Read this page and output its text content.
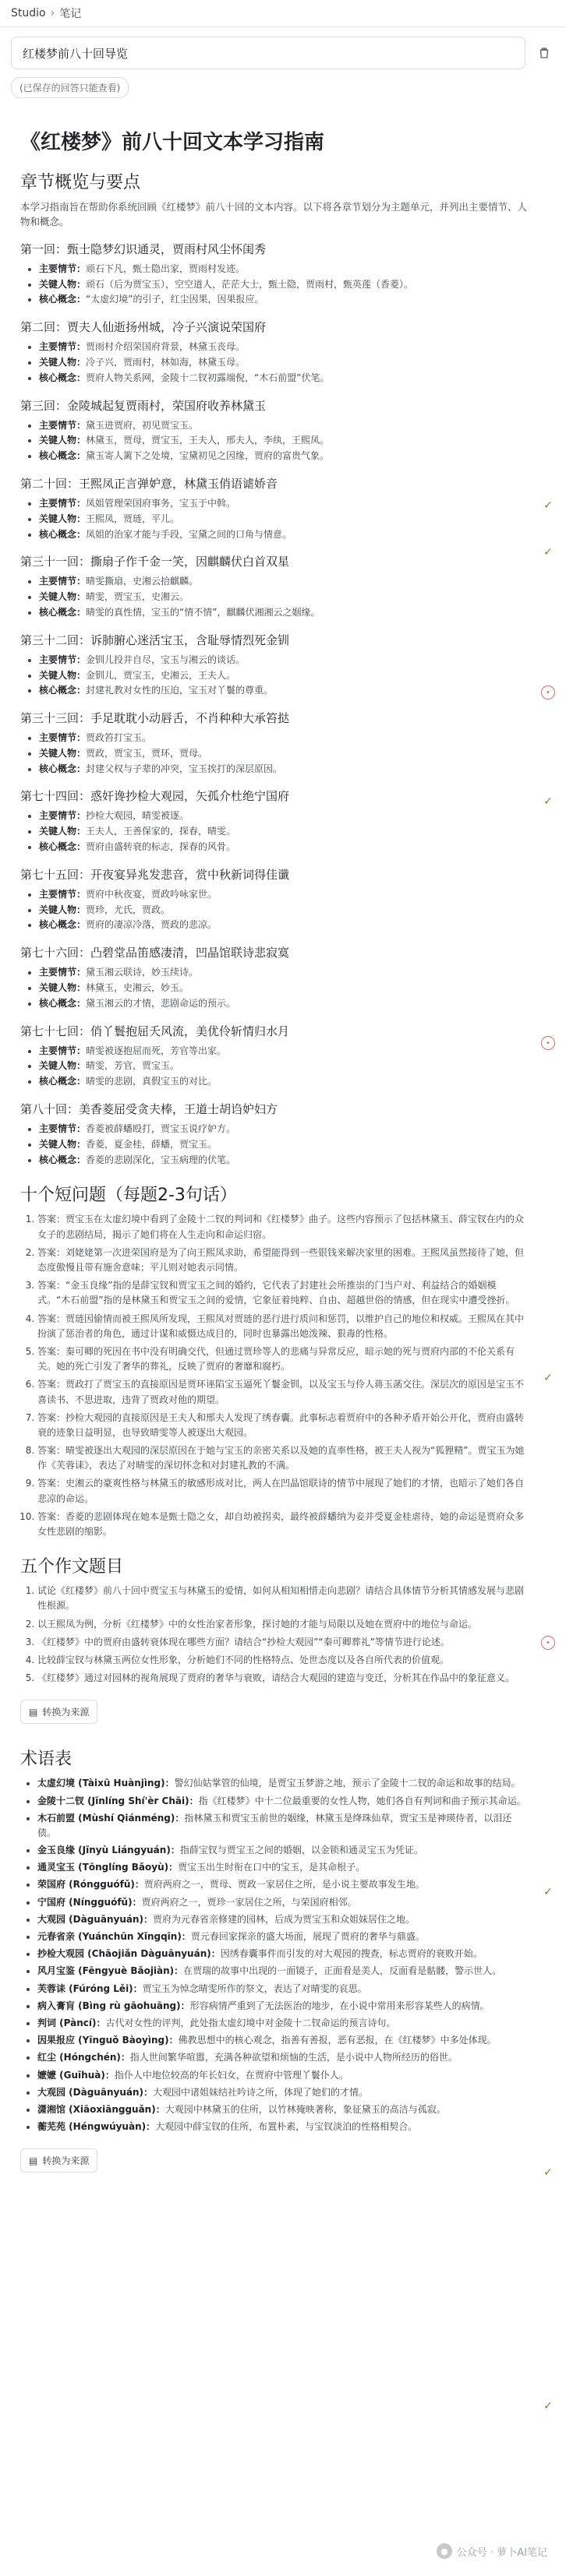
Studio › 笔记
红楼梦前八十回导览
(已保存的回答只能查看)
《红楼梦》前八十回文本学习指南
章节概览与要点

本学习指南旨在帮助你系统回顾《红楼梦》前八十回的文本内容。以下将各章节划分为主题单元，并列出主要情节、人物和概念。

第一回：甄士隐梦幻识通灵，贾雨村风尘怀闺秀
• 主要情节：顽石下凡，甄士隐出家，贾雨村发迹。
• 关键人物：顽石（后为贾宝玉），空空道人，茫茫大士，甄士隐，贾雨村，甄英莲（香菱）。
• 核心概念：“太虚幻境”的引子，红尘因果，因果报应。
第二回：贾夫人仙逝扬州城，冷子兴演说荣国府
• 主要情节：贾雨村介绍荣国府背景，林黛玉丧母。
• 关键人物：冷子兴，贾雨村，林如海，林黛玉母。
• 核心概念：贾府人物关系网，金陵十二钗初露端倪，“木石前盟”伏笔。
第三回：金陵城起复贾雨村，荣国府收养林黛玉
• 主要情节：黛玉进贾府，初见贾宝玉。
• 关键人物：林黛玉，贾母，贾宝玉，王夫人，邢夫人，李纨，王熙凤。
• 核心概念：黛玉寄人篱下之处境，宝黛初见之因缘，贾府的富贵气象。
第二十回：王熙凤正言弹妒意，林黛玉俏语谑娇音
• 主要情节：凤姐管理荣国府事务，宝玉于中斡。
• 关键人物：王熙凤，贾琏，平儿。
• 核心概念：凤姐的治家才能与手段，宝黛之间的口角与情意。
第三十一回：撕扇子作千金一笑，因麒麟伏白首双星
• 主要情节：晴雯撕扇，史湘云拾麒麟。
• 关键人物：晴雯，贾宝玉，史湘云。
• 核心概念：晴雯的真性情，宝玉的“情不情”，麒麟伏湘湘云之姻缘。
第三十二回：诉肺腑心迷活宝玉，含耻辱情烈死金钏
• 主要情节：金钏儿投井自尽，宝玉与湘云的谈话。
• 关键人物：金钏儿，贾宝玉，史湘云，王夫人。
• 核心概念：封建礼教对女性的压迫，宝玉对丫鬟的尊重。
第三十三回：手足耽耽小动唇舌，不肖种种大承笞挞
• 主要情节：贾政笞打宝玉。
• 关键人物：贾政，贾宝玉，贾环，贾母。
• 核心概念：封建父权与子辈的冲突，宝玉挨打的深层原因。
第七十四回：惑奸谗抄检大观园，矢孤介杜绝宁国府
• 主要情节：抄检大观园，晴雯被逐。
• 关键人物：王夫人，王善保家的，探春，晴雯。
• 核心概念：贾府由盛转衰的标志，探春的风骨。
第七十五回：开夜宴异兆发悲音，赏中秋新词得佳谶
• 主要情节：贾府中秋夜宴，贾政吟咏家世。
• 关键人物：贾珍，尤氏，贾政。
• 核心概念：贾府的凄凉冷落，贾政的悲凉。
第七十六回：凸碧堂品笛感凄清，凹晶馆联诗悲寂寞
• 主要情节：黛玉湘云联诗，妙玉续诗。
• 关键人物：林黛玉，史湘云，妙玉。
• 核心概念：黛玉湘云的才情，悲剧命运的预示。
第七十七回：俏丫鬟抱屈夭风流，美优伶斩情归水月
• 主要情节：晴雯被逐抱屈而死，芳官等出家。
• 关键人物：晴雯，芳官，贾宝玉。
• 核心概念：晴雯的悲剧，真假宝玉的对比。
第八十回：美香菱屈受贪夫棒，王道士胡诌妒妇方
• 主要情节：香菱被薛蟠殴打，贾宝玉说疗妒方。
• 关键人物：香菱，夏金桂，薛蟠，贾宝玉。
• 核心概念：香菱的悲剧深化，宝玉病理的伏笔。
十个短问题（每题2-3句话）
1. 答案：贾宝玉在太虚幻境中看到了金陵十二钗的判词和《红楼梦》曲子。这些内容预示了包括林黛玉、薛宝钗在内的众女子的悲剧结局，揭示了她们将在人生走向和命运归宿。
2. 答案：刘姥姥第一次进荣国府是为了向王熙凤求助，希望能得到一些银钱来解决家里的困难。王熙凤虽然接待了她，但态度傲慢且带有施舍意味；平儿则对她表示同情。
3. 答案：“金玉良缘”指的是薛宝钗和贾宝玉之间的婚约，它代表了封建社会所推崇的门当户对、利益结合的婚姻模式。“木石前盟”指的是林黛玉和贾宝玉之间的爱情，它象征着纯粹、自由、超越世俗的情感，但在现实中遭受挫折。
4. 答案：贾琏因偷情而被王熙凤所发现，王熙凤对贾琏的恶行进行质问和惩罚，以维护自己的地位和权威。王熙凤在其中扮演了惩治者的角色，通过计谋和威慑达成目的，同时也暴露出她泼辣、狠毒的性格。
5. 答案：秦可卿的死因在书中没有明确交代，但通过贾珍等人的悲痛与异常反应，暗示她的死与贾府内部的不伦关系有关。她的死亡引发了奢华的葬礼，反映了贾府的奢靡和腐朽。
6. 答案：贾政打了贾宝玉的直接原因是贾环诬陷宝玉逼死丫鬟金钏，以及宝玉与伶人蒋玉菡交往。深层次的原因是宝玉不喜读书、不思进取，违背了贾政对他的期望。
7. 答案：抄检大观园的直接原因是王夫人和邢夫人发现了绣春囊。此事标志着贾府中的各种矛盾开始公开化，贾府由盛转衰的迹象日益明显，也导致晴雯等人被逐出大观园。
8. 答案：晴雯被逐出大观园的深层原因在于她与宝玉的亲密关系以及她的直率性格，被王夫人视为“狐狸精”。贾宝玉为她作《芙蓉诔》，表达了对晴雯的深切怀念和对封建礼教的不满。
9. 答案：史湘云的豪爽性格与林黛玉的敏感形成对比，两人在凹晶馆联诗的情节中展现了她们的才情，也暗示了她们各自悲凉的命运。
10. 答案：香菱的悲剧体现在她本是甄士隐之女，却自幼被拐卖，最终被薛蟠纳为妾并受夏金桂虐待，她的命运是贾府众多女性悲剧的缩影。
五个作文题目
1. 试论《红楼梦》前八十回中贾宝玉与林黛玉的爱情，如何从相知相惜走向悲剧？请结合具体情节分析其情感发展与悲剧性根源。
2. 以王熙凤为例，分析《红楼梦》中的女性治家者形象，探讨她的才能与局限以及她在贾府中的地位与命运。
3. 《红楼梦》中的贾府由盛转衰体现在哪些方面？请结合“抄检大观园”“秦可卿葬礼”等情节进行论述。
4. 比较薛宝钗与林黛玉两位女性形象，分析她们不同的性格特点、处世态度以及各自所代表的价值观。
5. 《红楼梦》通过对园林的视角展现了贾府的奢华与衰败，请结合大观园的建造与变迁，分析其在作品中的象征意义。
▤ 转换为来源
术语表
• 太虚幻境 (Tàixū Huànjìng)：警幻仙姑掌管的仙境，是贾宝玉梦游之地，预示了金陵十二钗的命运和故事的结局。
• 金陵十二钗 (Jīnlíng Shí'èr Chāi)：指《红楼梦》中十二位最重要的女性人物，她们各自有判词和曲子预示其命运。
• 木石前盟 (Mùshí Qiánméng)：指林黛玉和贾宝玉前世的姻缘，林黛玉是绛珠仙草，贾宝玉是神瑛侍者，以泪还债。
• 金玉良缘 (Jīnyù Liángyuán)：指薛宝钗与贾宝玉之间的婚姻，以金锁和通灵宝玉为凭证。
• 通灵宝玉 (Tōnglíng Bǎoyù)：贾宝玉出生时衔在口中的宝玉，是其命根子。
• 荣国府 (Róngguófǔ)：贾府两府之一，贾母、贾政一家居住之所，是小说主要故事发生地。
• 宁国府 (Níngguófǔ)：贾府两府之一，贾珍一家居住之所，与荣国府相邻。
• 大观园 (Dàguānyuán)：贾府为元春省亲修建的园林，后成为贾宝玉和众姐妹居住之地。
• 元春省亲 (Yuánchūn Xǐngqīn)：贾元春回家探亲的盛大场面，展现了贾府的奢华与鼎盛。
• 抄检大观园 (Chāojiǎn Dàguānyuán)：因绣春囊事件而引发的对大观园的搜查，标志贾府的衰败开始。
• 风月宝鉴 (Fēngyuè Bǎojiàn)：在贾瑞的故事中出现的一面镜子，正面看是美人，反面看是骷髅，警示世人。
• 芙蓉诔 (Fúróng Lěi)：贾宝玉为悼念晴雯所作的祭文，表达了对晴雯的哀思。
• 病入膏肓 (Bìng rù gāohuāng)：形容病情严重到了无法医治的地步，在小说中常用来形容某些人的病情。
• 判词 (Pàncí)：古代对女性的评判，此处指太虚幻境中对金陵十二钗命运的预言诗句。
• 因果报应 (Yīnguǒ Bàoyìng)：佛教思想中的核心观念，指善有善报，恶有恶报，在《红楼梦》中多处体现。
• 红尘 (Hóngchén)：指人世间繁华喧嚣，充满各种欲望和烦恼的生活，是小说中人物所经历的俗世。
• 嬷嬷 (Guīhuà)：指仆人中地位较高的年长妇女，在贾府中管理丫鬟仆人。
• 大观园 (Dàguānyuán)：大观园中诸姐妹结社吟诗之所，体现了她们的才情。
• 潇湘馆 (Xiāoxiāngguǎn)：大观园中林黛玉的住所，以竹林掩映著称，象征黛玉的高洁与孤寂。
• 蘅芜苑 (Héngwúyuàn)：大观园中薛宝钗的住所，布置朴素，与宝钗淡泊的性格相契合。
▤ 转换为来源
✓
✓
•
✓
•
✓
•
✓
✓
✓
● 公众号 · 萝卜AI笔记
